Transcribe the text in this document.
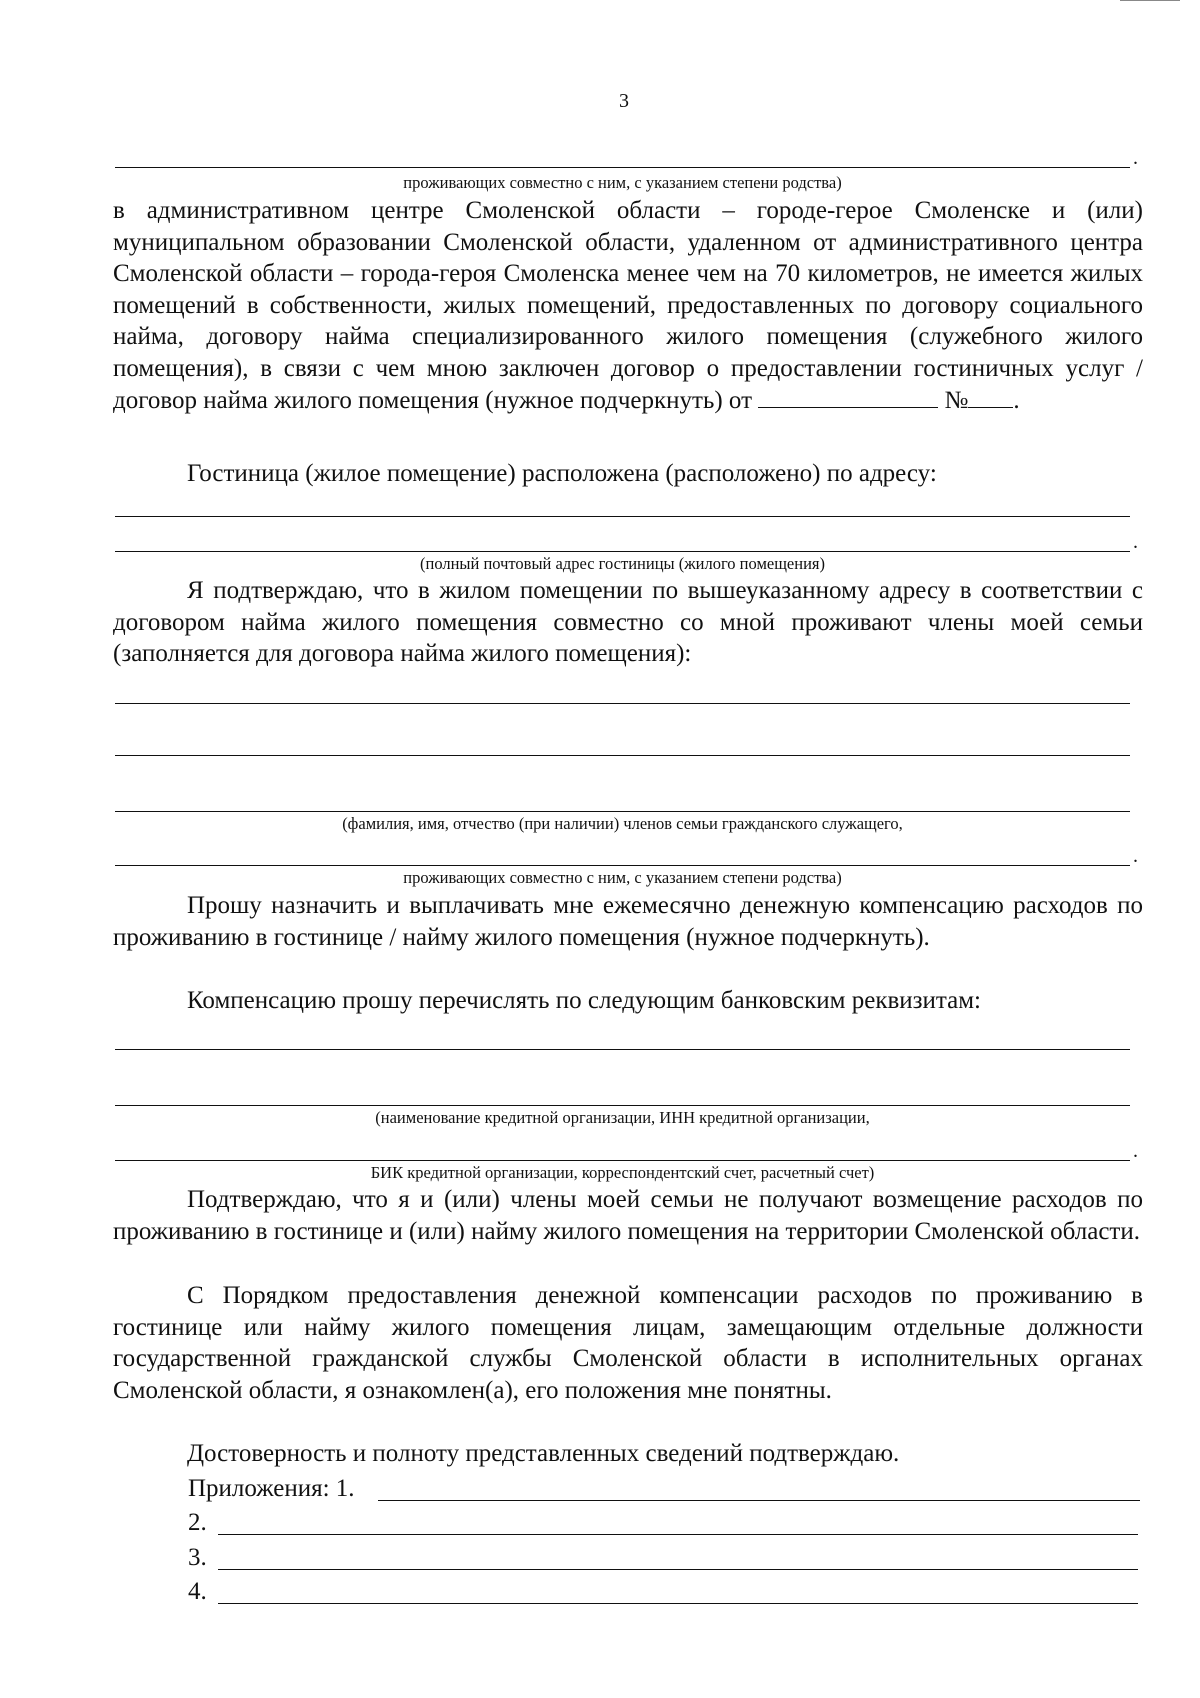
3
.
проживающих совместно с ним, с указанием степени родства)

в административном центре Смоленской области – городе-герое Смоленске и (или) муниципальном образовании Смоленской области, удаленном от административного центра Смоленской области – города-героя Смоленска менее чем на 70 километров, не имеется жилых помещений в собственности, жилых помещений, предоставленных по договору социального найма, договору найма специализированного жилого помещения (служебного жилого помещения), в связи с чем мною заключен договор о предоставлении гостиничных услуг / договор найма жилого помещения (нужное подчеркнуть) от	№ .

Гостиница (жилое помещение) расположена (расположено) по адресу:

.
(полный почтовый адрес гостиницы (жилого помещения)

Я подтверждаю, что в жилом помещении по вышеуказанному адресу в соответствии с договором найма жилого помещения совместно со мной проживают члены моей семьи (заполняется для договора найма жилого помещения):

(фамилия, имя, отчество (при наличии) членов семьи гражданского служащего,
.
проживающих совместно с ним, с указанием степени родства)

Прошу назначить и выплачивать мне ежемесячно денежную компенсацию расходов по проживанию в гостинице / найму жилого помещения (нужное подчеркнуть).

Компенсацию прошу перечислять по следующим банковским реквизитам:

(наименование кредитной организации, ИНН кредитной организации,
.
БИК кредитной организации, корреспондентский счет, расчетный счет)

Подтверждаю, что я и (или) члены моей семьи не получают возмещение расходов по проживанию в гостинице и (или) найму жилого помещения на территории Смоленской области.

С Порядком предоставления денежной компенсации расходов по проживанию в гостинице или найму жилого помещения лицам, замещающим отдельные должности государственной гражданской службы Смоленской области в исполнительных органах Смоленской области, я ознакомлен(а), его положения мне понятны.

Достоверность и полноту представленных сведений подтверждаю.

Приложения: 1.
2.
3.
4.
